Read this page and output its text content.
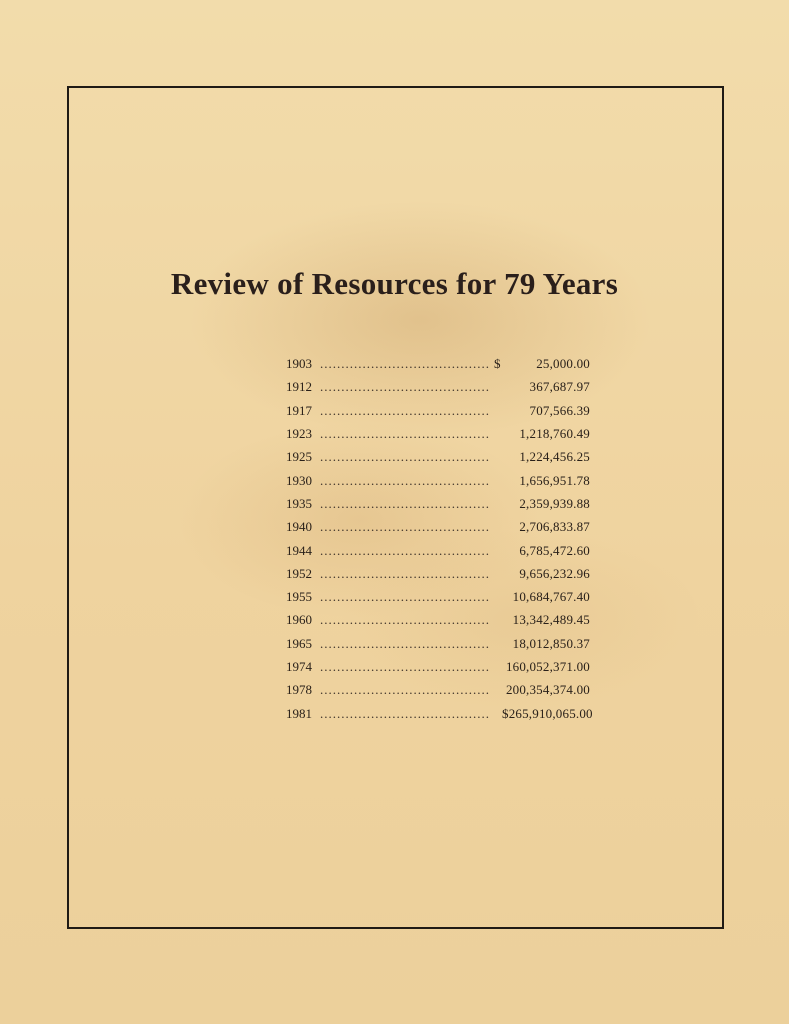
Review of Resources for 79 Years
1903 ........................................ $	25,000.00
1912 ........................................	367,687.97
1917 ........................................	707,566.39
1923 ........................................	1,218,760.49
1925 ........................................	1,224,456.25
1930 ........................................	1,656,951.78
1935 ........................................	2,359,939.88
1940 ........................................	2,706,833.87
1944 ........................................	6,785,472.60
1952 ........................................	9,656,232.96
1955 ........................................	10,684,767.40
1960 ........................................	13,342,489.45
1965 ........................................	18,012,850.37
1974 ........................................	160,052,371.00
1978 ........................................	200,354,374.00
1981 ........................................ $265,910,065.00
